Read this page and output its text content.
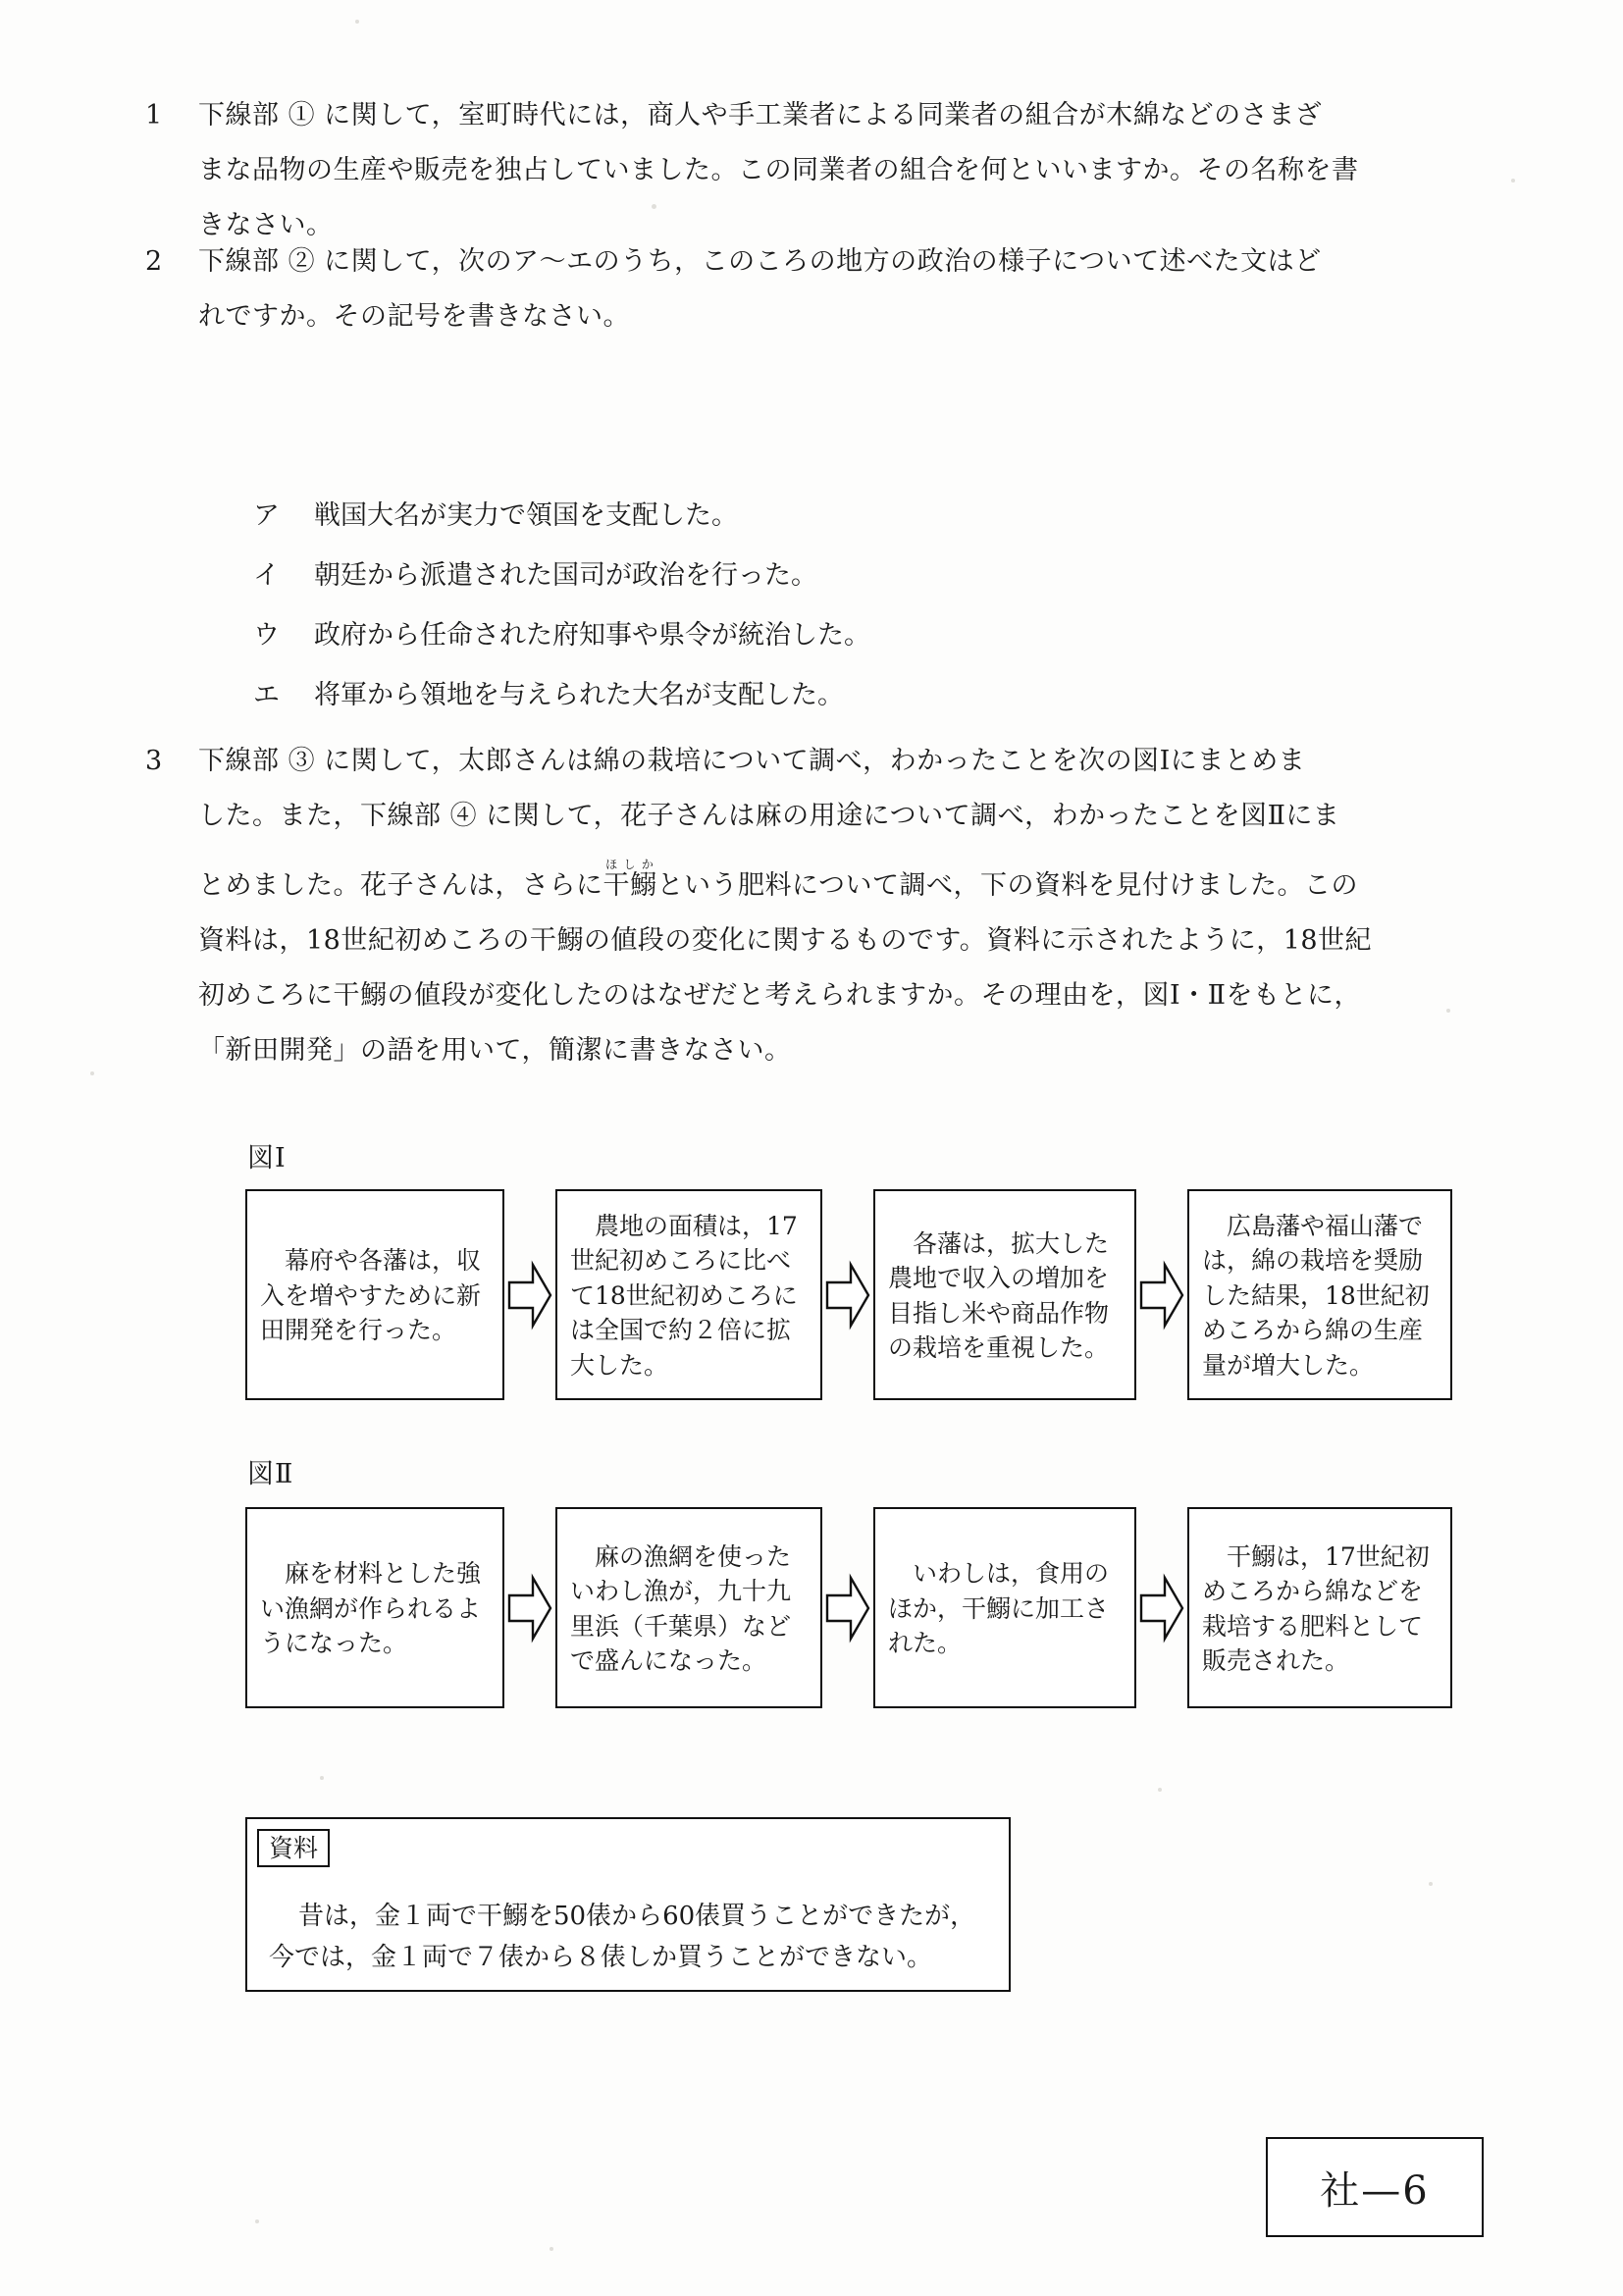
1	下線部 ① に関して，室町時代には，商人や手工業者による同業者の組合が木綿などのさまざ
まな品物の生産や販売を独占していました。この同業者の組合を何といいますか。その名称を書
きなさい。
2	下線部 ② に関して，次のア～エのうち，このころの地方の政治の様子について述べた文はど
れですか。その記号を書きなさい。
ア	戦国大名が実力で領国を支配した。
イ	朝廷から派遣された国司が政治を行った。
ウ	政府から任命された府知事や県令が統治した。
エ	将軍から領地を与えられた大名が支配した。
3	下線部 ③ に関して，太郎さんは綿の栽培について調べ，わかったことを次の図Ⅰにまとめま
した。また，下線部 ④ に関して，花子さんは麻の用途について調べ，わかったことを図Ⅱにま
とめました。花子さんは，さらに干鰯ほしかという肥料について調べ，下の資料を見付けました。この
資料は，18世紀初めころの干鰯の値段の変化に関するものです。資料に示されたように，18世紀
初めころに干鰯の値段が変化したのはなぜだと考えられますか。その理由を，図Ⅰ・Ⅱをもとに，
「新田開発」の語を用いて，簡潔に書きなさい。
図Ⅰ
幕府や各藩は，収入を増やすために新田開発を行った。
農地の面積は，17世紀初めころに比べて18世紀初めころには全国で約２倍に拡大した。
各藩は，拡大した農地で収入の増加を目指し米や商品作物の栽培を重視した。
広島藩や福山藩では，綿の栽培を奨励した結果，18世紀初めころから綿の生産量が増大した。
図Ⅱ
麻を材料とした強い漁網が作られるようになった。
麻の漁網を使ったいわし漁が，九十九里浜（千葉県）などで盛んになった。
いわしは，食用のほか，干鰯に加工された。
干鰯は，17世紀初めころから綿などを栽培する肥料として販売された。
資料
昔は，金１両で干鰯を50俵から60俵買うことができたが，
今では，金１両で７俵から８俵しか買うことができない。
社—6
